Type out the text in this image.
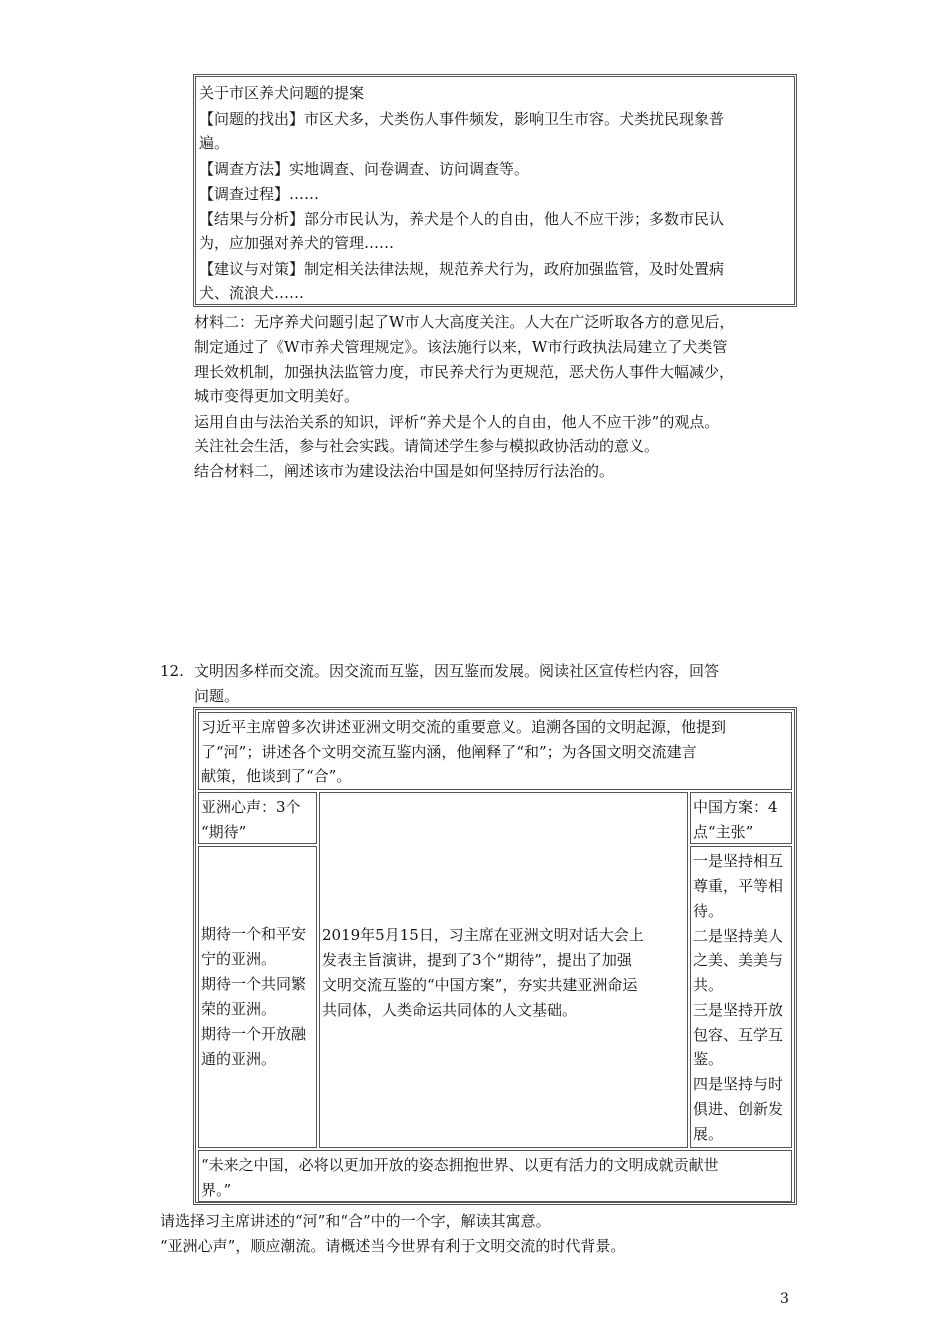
关于市区养犬问题的提案
【问题的找出】市区犬多，犬类伤人事件频发，影响卫生市容。犬类扰民现象普
遍。
【调查方法】实地调查、问卷调查、访问调查等。
【调查过程】……
【结果与分析】部分市民认为，养犬是个人的自由，他人不应干涉；多数市民认
为，应加强对养犬的管理……
【建议与对策】制定相关法律法规，规范养犬行为，政府加强监管，及时处置病
犬、流浪犬……
材料二：无序养犬问题引起了W市人大高度关注。人大在广泛听取各方的意见后，
制定通过了《W市养犬管理规定》。该法施行以来，W市行政执法局建立了犬类管
理长效机制，加强执法监管力度，市民养犬行为更规范，恶犬伤人事件大幅减少，
城市变得更加文明美好。
运用自由与法治关系的知识，评析“养犬是个人的自由，他人不应干涉”的观点。
关注社会生活，参与社会实践。请简述学生参与模拟政协活动的意义。
结合材料二，阐述该市为建设法治中国是如何坚持厉行法治的。
12. 文明因多样而交流。因交流而互鉴，因互鉴而发展。阅读社区宣传栏内容，回答
问题。
习近平主席曾多次讲述亚洲文明交流的重要意义。追溯各国的文明起源，他提到
了“河”；讲述各个文明交流互鉴内涵，他阐释了“和”；为各国文明交流建言
献策，他谈到了“合”。
亚洲心声：3个
“期待”
期待一个和平安
宁的亚洲。
期待一个共同繁
荣的亚洲。
期待一个开放融
通的亚洲。
2019年5月15日，习主席在亚洲文明对话大会上
发表主旨演讲，提到了3个“期待”，提出了加强
文明交流互鉴的“中国方案”，夯实共建亚洲命运
共同体，人类命运共同体的人文基础。
中国方案：4
点“主张”
一是坚持相互
尊重，平等相
待。
二是坚持美人
之美、美美与
共。
三是坚持开放
包容、互学互
鉴。
四是坚持与时
俱进、创新发
展。
“未来之中国，必将以更加开放的姿态拥抱世界、以更有活力的文明成就贡献世
界。”
请选择习主席讲述的“河”和“合”中的一个字，解读其寓意。
“亚洲心声”，顺应潮流。请概述当今世界有利于文明交流的时代背景。
3
